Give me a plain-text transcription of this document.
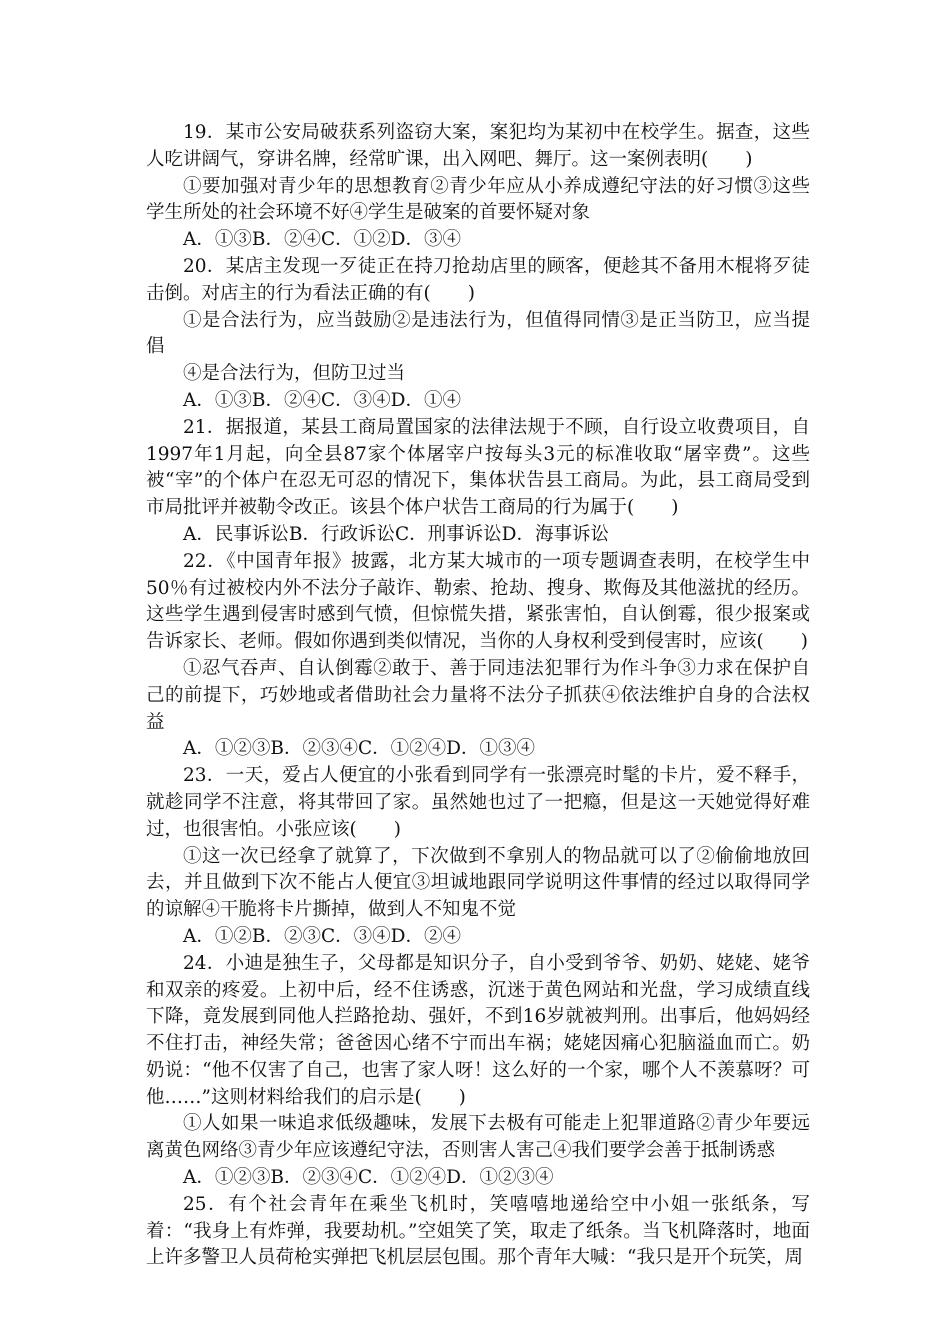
19．某市公安局破获系列盗窃大案，案犯均为某初中在校学生。据查，这些人吃讲阔气，穿讲名牌，经常旷课，出入网吧、舞厅。这一案例表明(　　)

①要加强对青少年的思想教育②青少年应从小养成遵纪守法的好习惯③这些学生所处的社会环境不好④学生是破案的首要怀疑对象

A．①③B．②④C．①②D．③④

20．某店主发现一歹徒正在持刀抢劫店里的顾客，便趁其不备用木棍将歹徒击倒。对店主的行为看法正确的有(　　)

①是合法行为，应当鼓励②是违法行为，但值得同情③是正当防卫，应当提倡

④是合法行为，但防卫过当

A．①③B．②④C．③④D．①④

21．据报道，某县工商局置国家的法律法规于不顾，自行设立收费项目，自1997年1月起，向全县87家个体屠宰户按每头3元的标准收取“屠宰费”。这些被“宰”的个体户在忍无可忍的情况下，集体状告县工商局。为此，县工商局受到市局批评并被勒令改正。该县个体户状告工商局的行为属于(　　)

A．民事诉讼B．行政诉讼C．刑事诉讼D．海事诉讼

22．《中国青年报》披露，北方某大城市的一项专题调查表明，在校学生中50％有过被校内外不法分子敲诈、勒索、抢劫、搜身、欺侮及其他滋扰的经历。这些学生遇到侵害时感到气愤，但惊慌失措，紧张害怕，自认倒霉，很少报案或告诉家长、老师。假如你遇到类似情况，当你的人身权利受到侵害时，应该(　　)

①忍气吞声、自认倒霉②敢于、善于同违法犯罪行为作斗争③力求在保护自己的前提下，巧妙地或者借助社会力量将不法分子抓获④依法维护自身的合法权益

A．①②③B．②③④C．①②④D．①③④

23．一天，爱占人便宜的小张看到同学有一张漂亮时髦的卡片，爱不释手，就趁同学不注意，将其带回了家。虽然她也过了一把瘾，但是这一天她觉得好难过，也很害怕。小张应该(　　)

①这一次已经拿了就算了，下次做到不拿别人的物品就可以了②偷偷地放回去，并且做到下次不能占人便宜③坦诚地跟同学说明这件事情的经过以取得同学的谅解④干脆将卡片撕掉，做到人不知鬼不觉

A．①②B．②③C．③④D．②④

24．小迪是独生子，父母都是知识分子，自小受到爷爷、奶奶、姥姥、姥爷和双亲的疼爱。上初中后，经不住诱惑，沉迷于黄色网站和光盘，学习成绩直线下降，竟发展到同他人拦路抢劫、强奸，不到16岁就被判刑。出事后，他妈妈经不住打击，神经失常；爸爸因心绪不宁而出车祸；姥姥因痛心犯脑溢血而亡。奶奶说：“他不仅害了自己，也害了家人呀！这么好的一个家，哪个人不羡慕呀？可他……”这则材料给我们的启示是(　　)

①人如果一味追求低级趣味，发展下去极有可能走上犯罪道路②青少年要远离黄色网络③青少年应该遵纪守法，否则害人害己④我们要学会善于抵制诱惑

A．①②③B．②③④C．①②④D．①②③④

25．有个社会青年在乘坐飞机时，笑嘻嘻地递给空中小姐一张纸条，写着：“我身上有炸弹，我要劫机。”空姐笑了笑，取走了纸条。当飞机降落时，地面上许多警卫人员荷枪实弹把飞机层层包围。那个青年大喊：“我只是开个玩笑，周
